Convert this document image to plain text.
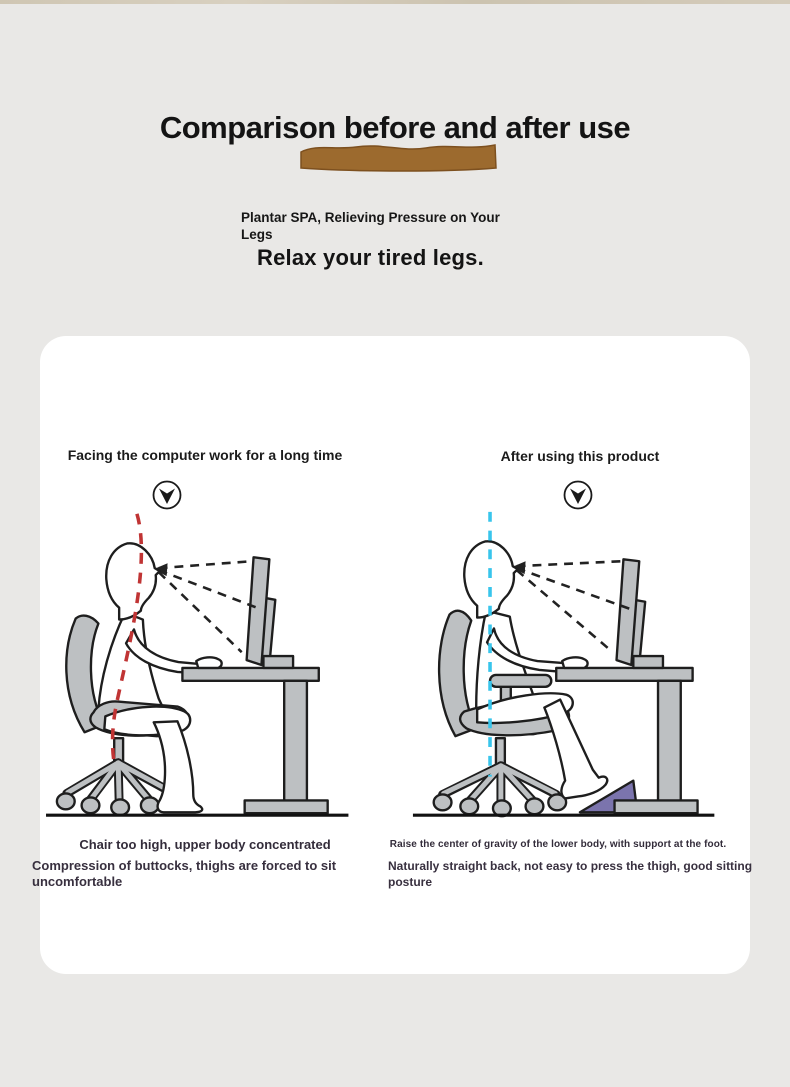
Comparison before and after use
Plantar SPA, Relieving Pressure on Your Legs
Relax your tired legs.
Facing the computer work for a long time	After using this product
Chair too high, upper body concentrated
Compression of buttocks, thighs are forced to sit uncomfortable
Raise the center of gravity of the lower body, with support at the foot.
Naturally straight back, not easy to press the thigh, good sitting posture
